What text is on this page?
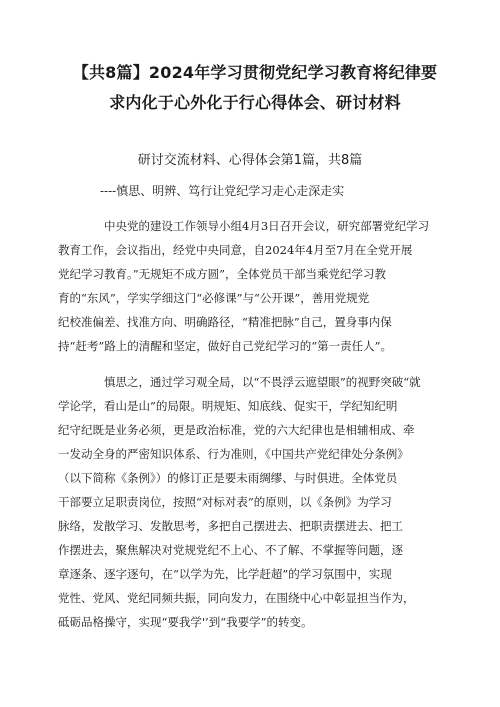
【共8篇】2024年学习贯彻党纪学习教育将纪律要
求内化于心外化于行心得体会、研讨材料

研讨交流材料、心得体会第1篇，共8篇

----慎思、明辨、笃行让党纪学习走心走深走实

中央党的建设工作领导小组4月3日召开会议，研究部署党纪学习
教育工作，会议指出，经党中央同意，自2024年4月至7月在全党开展
党纪学习教育。”无规矩不成方圆”，全体党员干部当乘党纪学习教
育的“东风”，学实学细这门“必修课”与“公开课”，善用党规党
纪校准偏差、找准方向、明确路径，“精准把脉”自己，置身事内保
持“赶考”路上的清醒和坚定，做好自己党纪学习的“第一责任人”。
慎思之，通过学习观全局，以“不畏浮云遮望眼”的视野突破“就
学论学，看山是山”的局限。明规矩、知底线、促实干，学纪知纪明
纪守纪既是业务必须，更是政治标准，党的六大纪律也是相辅相成、牵
一发动全身的严密知识体系、行为准则，《中国共产党纪律处分条例》
（以下简称《条例》）的修订正是要未雨绸缪、与时俱进。全体党员
干部要立足职责岗位，按照“对标对表”的原则，以《条例》为学习
脉络，发散学习、发散思考，多把自己摆进去、把职责摆进去、把工
作摆进去，聚焦解决对党规党纪不上心、不了解、不掌握等问题，逐
章逐条、逐字逐句，在“以学为先，比学赶超”的学习氛围中，实现
党性、党风、党纪同频共振，同向发力，在围绕中心中彰显担当作为，
砥砺品格操守，实现“要我学'’到“我要学”的转变。
